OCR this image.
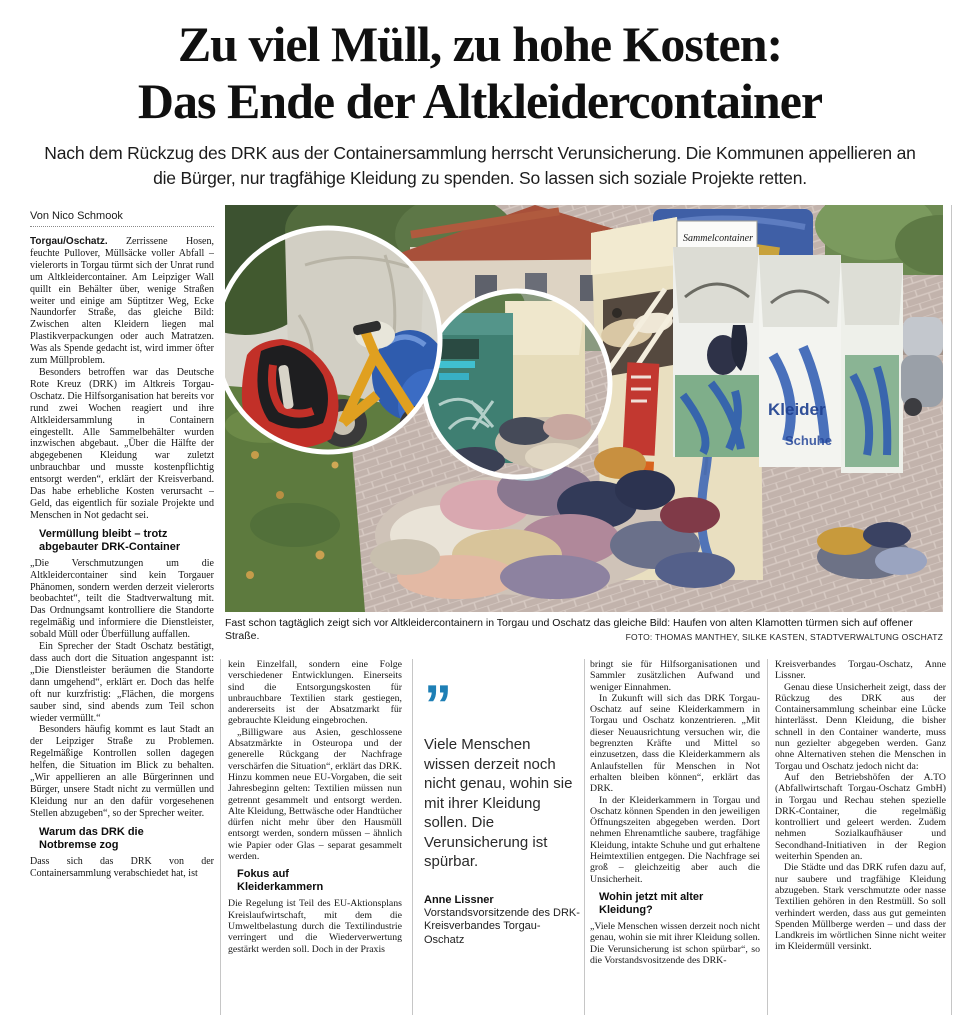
Zu viel Müll, zu hohe Kosten:
Das Ende der Altkleidercontainer
Nach dem Rückzug des DRK aus der Containersammlung herrscht Verunsicherung. Die Kommunen appellieren an die Bürger, nur tragfähige Kleidung zu spenden. So lassen sich soziale Projekte retten.
Von Nico Schmook

Torgau/Oschatz. Zerrissene Hosen, feuchte Pullover, Müllsäcke voller Abfall – vielerorts in Torgau türmt sich der Unrat rund um Altkleidercontainer. Am Leipziger Wall quillt ein Behälter über, wenige Straßen weiter und einige am Süptitzer Weg, Ecke Naundorfer Straße, das gleiche Bild: Zwischen alten Kleidern liegen mal Plastikverpackungen oder auch Matratzen. Was als Spende gedacht ist, wird immer öfter zum Müllproblem.

Besonders betroffen war das Deutsche Rote Kreuz (DRK) im Altkreis Torgau-Oschatz. Die Hilfsorganisation hat bereits vor rund zwei Wochen reagiert und ihre Altkleidersammlung in Containern eingestellt. Alle Sammelbehälter wurden inzwischen abgebaut. „Über die Hälfte der abgegebenen Kleidung war zuletzt unbrauchbar und musste kostenpflichtig entsorgt werden“, erklärt der Kreisverband. Das habe erhebliche Kosten verursacht – Geld, das eigentlich für soziale Projekte und Menschen in Not gedacht sei.

Vermüllung bleibt – trotz abgebauter DRK-Container

„Die Verschmutzungen um die Altkleidercontainer sind kein Torgauer Phänomen, sondern werden derzeit vielerorts beobachtet“, teilt die Stadtverwaltung mit. Das Ordnungsamt kontrolliere die Standorte regelmäßig und informiere die Dienstleister, sobald Müll oder Überfüllung auffallen.

Ein Sprecher der Stadt Oschatz bestätigt, dass auch dort die Situation angespannt ist: „Die Dienstleister beräumen die Standorte dann umgehend“, erklärt er. Doch das helfe oft nur kurzfristig: „Flächen, die morgens sauber sind, sind abends zum Teil schon wieder vermüllt.“

Besonders häufig kommt es laut Stadt an der Leipziger Straße zu Problemen. Regelmäßige Kontrollen sollen dagegen helfen, die Situation im Blick zu behalten. „Wir appellieren an alle Bürgerinnen und Bürger, unsere Stadt nicht zu vermüllen und Kleidung nur an den dafür vorgesehenen Stellen abzugeben“, so der Sprecher weiter.

Warum das DRK die Notbremse zog

Dass sich das DRK von der Containersammlung verabschiedet hat, ist

Sammelcontainer
Kleider
Schuhe
Fast schon tagtäglich zeigt sich vor Altkleidercontainern in Torgau und Oschatz das gleiche Bild: Haufen von alten Klamotten türmen sich auf offener Straße.	FOTO: THOMAS MANTHEY, SILKE KASTEN, STADTVERWALTUNG OSCHATZ

kein Einzelfall, sondern eine Folge verschiedener Entwicklungen. Einerseits sind die Entsorgungskosten für unbrauchbare Textilien stark gestiegen, andererseits ist der Absatzmarkt für gebrauchte Kleidung eingebrochen.

„Billigware aus Asien, geschlossene Absatzmärkte in Osteuropa und der generelle Rückgang der Nachfrage verschärfen die Situation“, erklärt das DRK. Hinzu kommen neue EU-Vorgaben, die seit Jahresbeginn gelten: Textilien müssen nun getrennt gesammelt und entsorgt werden. Alte Kleidung, Bettwäsche oder Handtücher dürfen nicht mehr über den Hausmüll entsorgt werden, sondern müssen – ähnlich wie Papier oder Glas – separat gesammelt werden.

Fokus auf Kleiderkammern

Die Regelung ist Teil des EU-Aktionsplans Kreislaufwirtschaft, mit dem die Umweltbelastung durch die Textilindustrie verringert und die Wiederverwertung gestärkt werden soll. Doch in der Praxis

”
Viele Menschen wissen derzeit noch nicht genau, wohin sie mit ihrer Kleidung sollen. Die Verunsicherung ist spürbar.
Anne Lissner
Vorstandsvorsitzende des DRK-Kreisverbandes Torgau-Oschatz

bringt sie für Hilfsorganisationen und Sammler zusätzlichen Aufwand und weniger Einnahmen.

In Zukunft will sich das DRK Torgau-Oschatz auf seine Kleiderkammern in Torgau und Oschatz konzentrieren. „Mit dieser Neuausrichtung versuchen wir, die begrenzten Kräfte und Mittel so einzusetzen, dass die Kleiderkammern als Anlaufstellen für Menschen in Not erhalten bleiben können“, erklärt das DRK.

In der Kleiderkammern in Torgau und Oschatz können Spenden in den jeweiligen Öffnungszeiten abgegeben werden. Dort nehmen Ehrenamtliche saubere, tragfähige Kleidung, intakte Schuhe und gut erhaltene Heimtextilien entgegen. Die Nachfrage sei groß – gleichzeitig aber auch die Unsicherheit.

Wohin jetzt mit alter Kleidung?

„Viele Menschen wissen derzeit noch nicht genau, wohin sie mit ihrer Kleidung sollen. Die Verunsicherung ist schon spürbar“, so die Vorstandsvositzende des DRK-

Kreisverbandes Torgau-Oschatz, Anne Lissner.

Genau diese Unsicherheit zeigt, dass der Rückzug des DRK aus der Containersammlung scheinbar eine Lücke hinterlässt. Denn Kleidung, die bisher schnell in den Container wanderte, muss nun gezielter abgegeben werden. Ganz ohne Alternativen stehen die Menschen in Torgau und Oschatz jedoch nicht da:

Auf den Betriebshöfen der A.TO (Abfallwirtschaft Torgau-Oschatz GmbH) in Torgau und Rechau stehen spezielle DRK-Container, die regelmäßig kontrolliert und geleert werden. Zudem nehmen Sozialkaufhäuser und Secondhand-Initiativen in der Region weiterhin Spenden an.

Die Städte und das DRK rufen dazu auf, nur saubere und tragfähige Kleidung abzugeben. Stark verschmutzte oder nasse Textilien gehören in den Restmüll. So soll verhindert werden, dass aus gut gemeinten Spenden Müllberge werden – und dass der Landkreis im wörtlichen Sinne nicht weiter im Kleidermüll versinkt.
